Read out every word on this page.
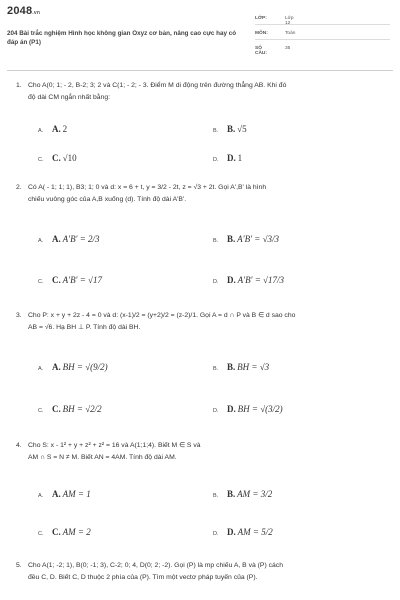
2048.vn
204 Bài trắc nghiệm Hình học không gian Oxyz cơ bản, nâng cao cực hay có đáp án (P1)
LỚP:	Lớp 12
MÔN:	Toán
SỐ CÂU:
35
1. Cho A(0; 1; - 2, B-2; 3; 2 và C(1; - 2; - 3. Điểm M di động trên đường thẳng AB. Khi đó
độ dài CM ngắn nhất bằng:
A. A. 2	B. B. √5
C. C. √10	D. D. 1
2. Có A( - 1; 1; 1), B3; 1; 0 và d: x = 6 + t, y = 3/2 - 2t, z = √3 + 2t. Gọi A',B' là hình
chiếu vuông góc của A,B xuống (d). Tính độ dài A'B'.
A. A. A'B' = 2/3	B. B. A'B' = √3/3
C. C. A'B' = √17	D. D. A'B' = √17/3
3. Cho P: x + y + 2z - 4 = 0 và d: (x-1)/2 = (y+2)/2 = (z-2)/1. Gọi A = d ∩ P và B ∈ d sao cho
AB = √6. Hạ BH ⊥ P. Tính độ dài BH.
A. A. BH = √(9/2)	B. B. BH = √3
C. C. BH = √2/2	D. D. BH = √(3/2)
4. Cho S: x - 1² + y + z² + z² = 16 và A(1;1;4). Biết M ∈ S và
AM ∩ S = N ≠ M. Biết AN = 4AM. Tính độ dài AM.
A. A. AM = 1	B. B. AM = 3/2
C. C. AM = 2	D. D. AM = 5/2
5. Cho A(1; -2; 1), B(0; -1; 3), C-2; 0; 4, D(0; 2; -2). Gọi (P) là mp chiếu A, B và (P) cách
đều C, D. Biết C, D thuộc 2 phía của (P). Tìm một vectơ pháp tuyến của (P).
